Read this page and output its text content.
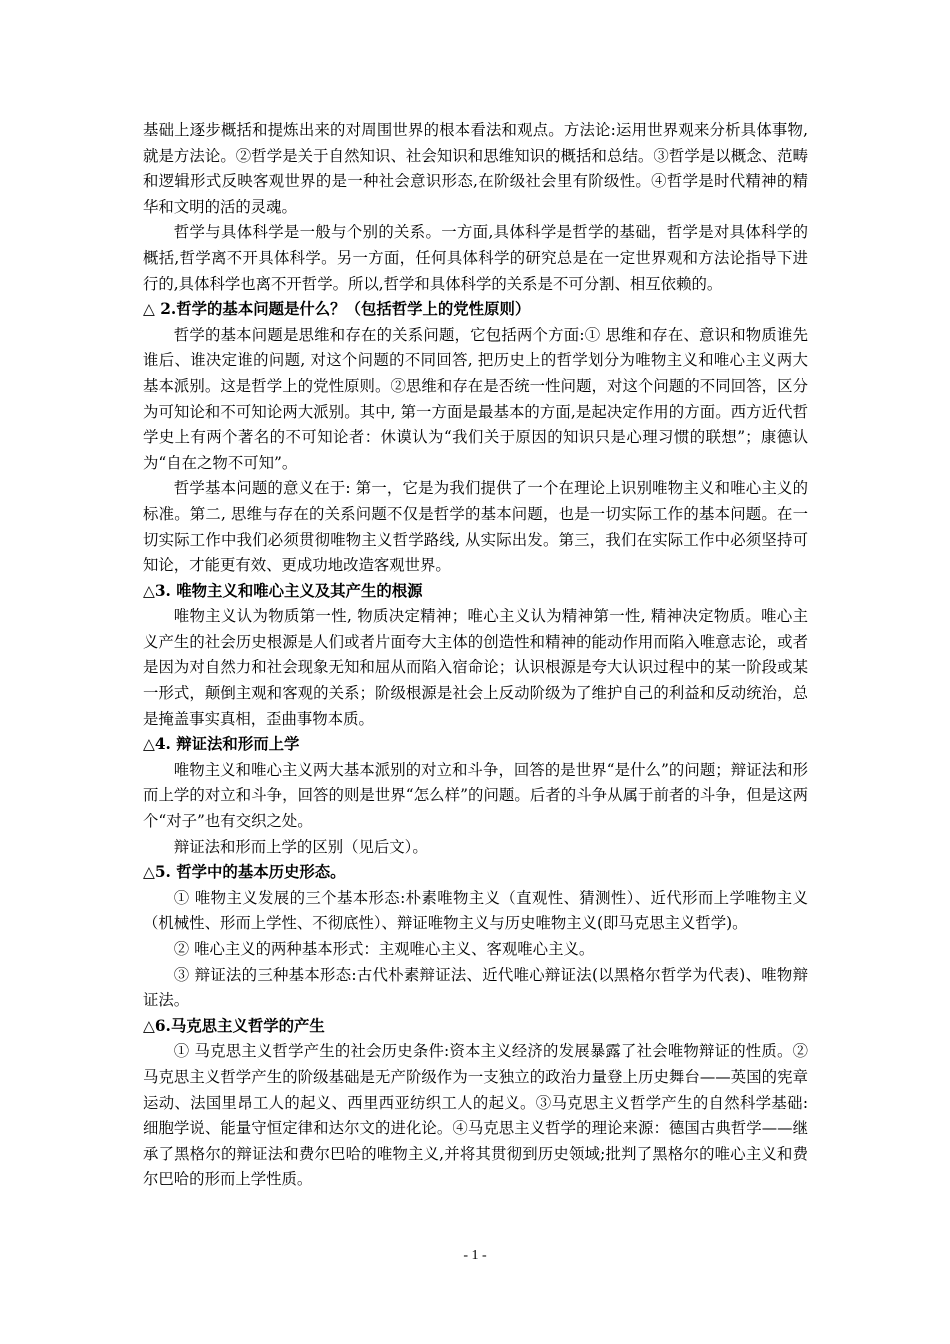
基础上逐步概括和提炼出来的对周围世界的根本看法和观点。方法论:运用世界观来分析具体事物,就是方法论。②哲学是关于自然知识、社会知识和思维知识的概括和总结。③哲学是以概念、范畴和逻辑形式反映客观世界的是一种社会意识形态,在阶级社会里有阶级性。④哲学是时代精神的精华和文明的活的灵魂。

哲学与具体科学是一般与个别的关系。一方面,具体科学是哲学的基础，哲学是对具体科学的概括,哲学离不开具体科学。另一方面，任何具体科学的研究总是在一定世界观和方法论指导下进行的,具体科学也离不开哲学。所以,哲学和具体科学的关系是不可分割、相互依赖的。

△ 2.哲学的基本问题是什么？（包括哲学上的党性原则）

哲学的基本问题是思维和存在的关系问题，它包括两个方面:① 思维和存在、意识和物质谁先谁后、谁决定谁的问题, 对这个问题的不同回答, 把历史上的哲学划分为唯物主义和唯心主义两大基本派别。这是哲学上的党性原则。②思维和存在是否统一性问题，对这个问题的不同回答，区分为可知论和不可知论两大派别。其中, 第一方面是最基本的方面,是起决定作用的方面。西方近代哲学史上有两个著名的不可知论者：休谟认为“我们关于原因的知识只是心理习惯的联想”；康德认为“自在之物不可知”。

哲学基本问题的意义在于: 第一，它是为我们提供了一个在理论上识别唯物主义和唯心主义的标准。第二, 思维与存在的关系问题不仅是哲学的基本问题，也是一切实际工作的基本问题。在一切实际工作中我们必须贯彻唯物主义哲学路线, 从实际出发。第三，我们在实际工作中必须坚持可知论，才能更有效、更成功地改造客观世界。

△3. 唯物主义和唯心主义及其产生的根源

唯物主义认为物质第一性, 物质决定精神；唯心主义认为精神第一性, 精神决定物质。唯心主义产生的社会历史根源是人们或者片面夸大主体的创造性和精神的能动作用而陷入唯意志论，或者是因为对自然力和社会现象无知和屈从而陷入宿命论；认识根源是夸大认识过程中的某一阶段或某一形式，颠倒主观和客观的关系；阶级根源是社会上反动阶级为了维护自己的利益和反动统治，总是掩盖事实真相，歪曲事物本质。

△4. 辩证法和形而上学

唯物主义和唯心主义两大基本派别的对立和斗争，回答的是世界“是什么”的问题；辩证法和形而上学的对立和斗争，回答的则是世界“怎么样”的问题。后者的斗争从属于前者的斗争，但是这两个“对子”也有交织之处。

辩证法和形而上学的区别（见后文）。

△5. 哲学中的基本历史形态。

① 唯物主义发展的三个基本形态:朴素唯物主义（直观性、猜测性）、近代形而上学唯物主义（机械性、形而上学性、不彻底性）、辩证唯物主义与历史唯物主义(即马克思主义哲学)。

② 唯心主义的两种基本形式：主观唯心主义、客观唯心主义。

③ 辩证法的三种基本形态:古代朴素辩证法、近代唯心辩证法(以黑格尔哲学为代表)、唯物辩证法。

△6.马克思主义哲学的产生

① 马克思主义哲学产生的社会历史条件:资本主义经济的发展暴露了社会唯物辩证的性质。②马克思主义哲学产生的阶级基础是无产阶级作为一支独立的政治力量登上历史舞台——英国的宪章运动、法国里昂工人的起义、西里西亚纺织工人的起义。③马克思主义哲学产生的自然科学基础:细胞学说、能量守恒定律和达尔文的进化论。④马克思主义哲学的理论来源：德国古典哲学——继承了黑格尔的辩证法和费尔巴哈的唯物主义,并将其贯彻到历史领域;批判了黑格尔的唯心主义和费尔巴哈的形而上学性质。

- 1 -
